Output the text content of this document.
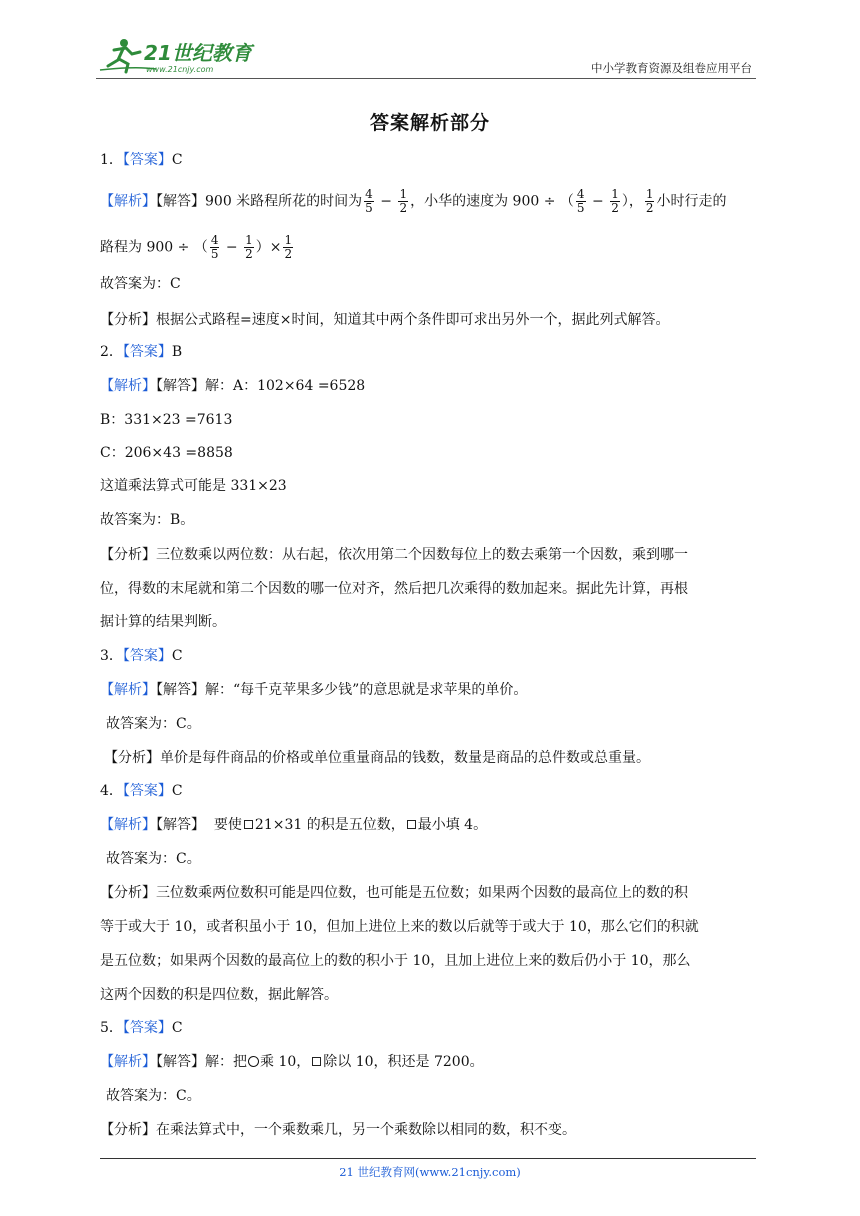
21世纪教育
www.21cnjy.com	中小学教育资源及组卷应用平台
答案解析部分
1．【答案】C
【解析】【解答】900 米路程所花的时间为 $\frac{4}{5} - \frac{1}{2}$ ，小华的速度为 900 ÷ （ $\frac{4}{5} - \frac{1}{2}$ ）， $\frac{1}{2}$ 小时行走的
路程为 900 ÷ （ $\frac{4}{5} - \frac{1}{2}$ ）× $\frac{1}{2}$
故答案为：C
【分析】根据公式路程=速度×时间，知道其中两个条件即可求出另外一个，据此列式解答。
2．【答案】B
【解析】【解答】解：A：102×64 =6528
B：331×23 =7613
C：206×43 =8858
这道乘法算式可能是 331×23
故答案为：B。
【分析】三位数乘以两位数：从右起，依次用第二个因数每位上的数去乘第一个因数，乘到哪一
位，得数的末尾就和第二个因数的哪一位对齐，然后把几次乘得的数加起来。据此先计算，再根
据计算的结果判断。
3．【答案】C
【解析】【解答】解：“每千克苹果多少钱”的意思就是求苹果的单价。
故答案为：C。
【分析】单价是每件商品的价格或单位重量商品的钱数，数量是商品的总件数或总重量。
4．【答案】C
【解析】【解答】  要使 21×31 的积是五位数， 最小填 4。
故答案为：C。
【分析】三位数乘两位数积可能是四位数，也可能是五位数；如果两个因数的最高位上的数的积
等于或大于 10，或者积虽小于 10，但加上进位上来的数以后就等于或大于 10，那么它们的积就
是五位数；如果两个因数的最高位上的数的积小于 10，且加上进位上来的数后仍小于 10，那么
这两个因数的积是四位数，据此解答。
5．【答案】C
【解析】【解答】解：把 乘 10， 除以 10，积还是 7200。
故答案为：C。
【分析】在乘法算式中，一个乘数乘几，另一个乘数除以相同的数，积不变。
21 世纪教育网(www.21cnjy.com)
